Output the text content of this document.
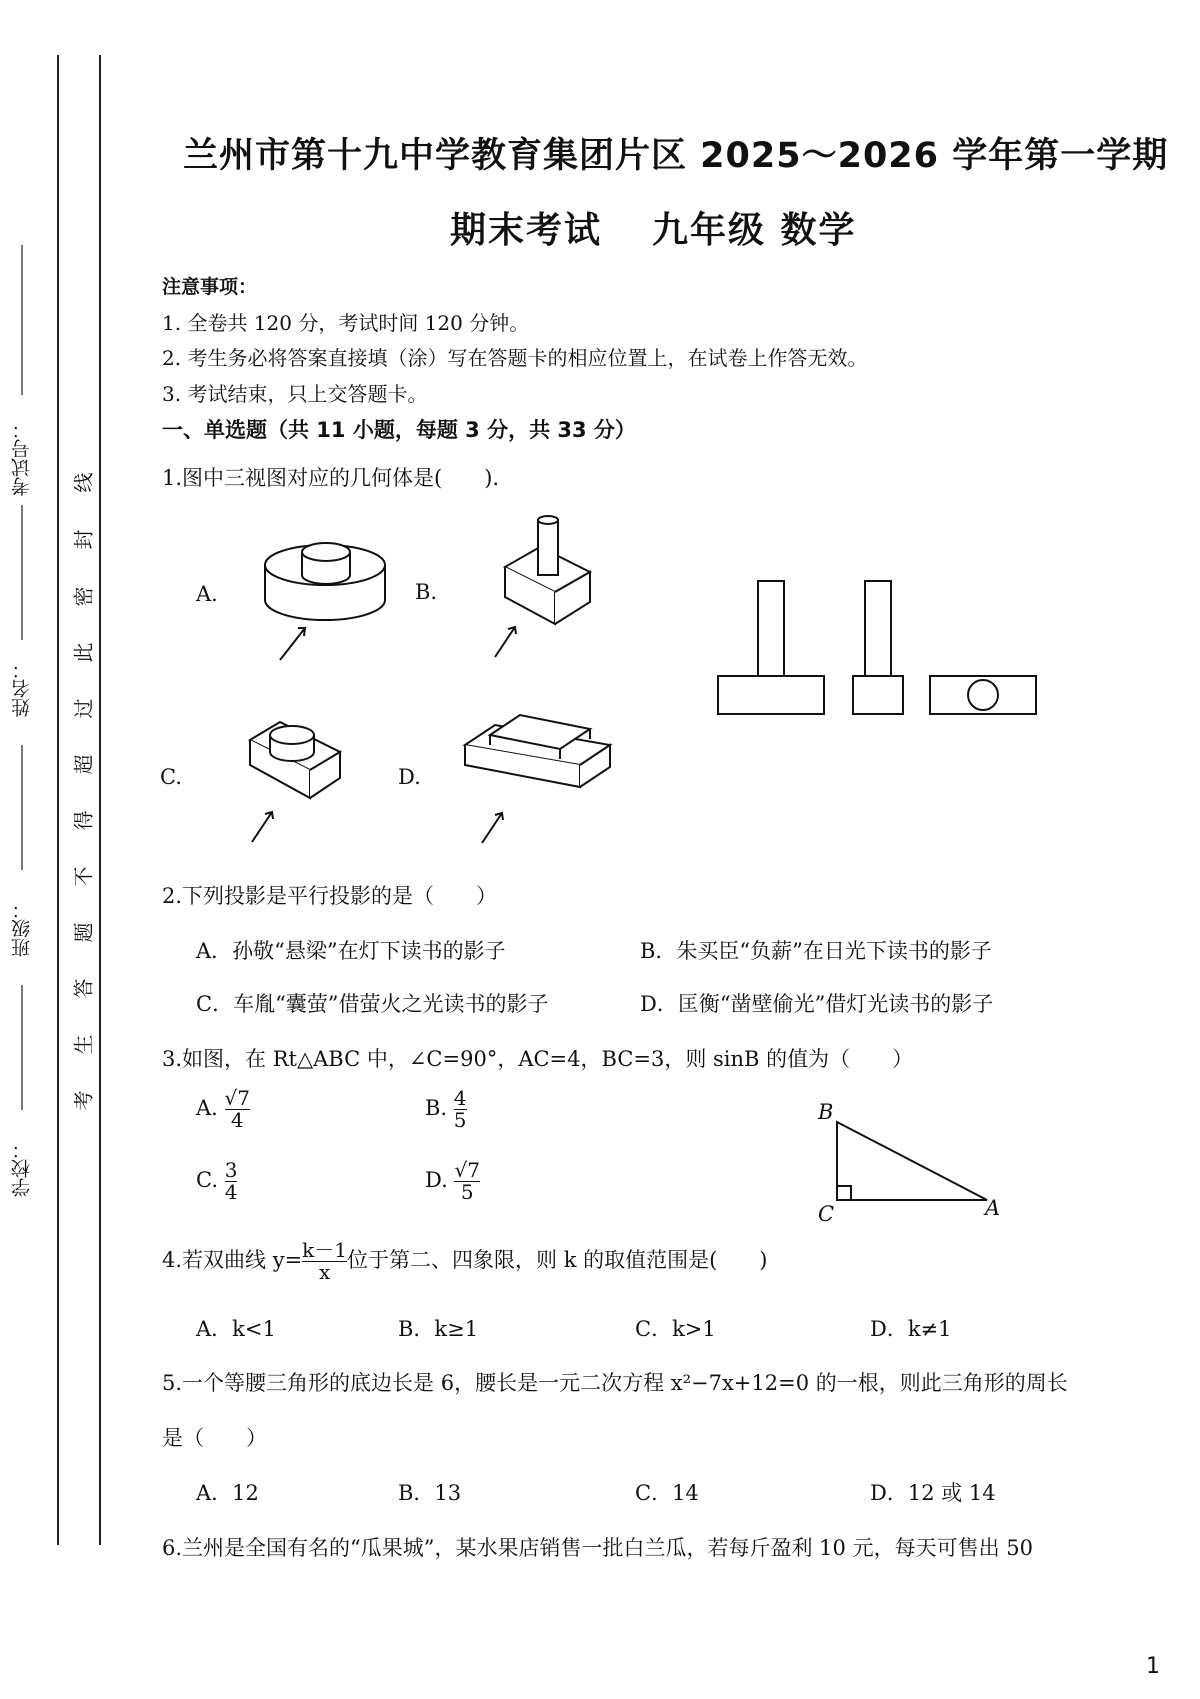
考试号：
姓名：
班级：
学校：
线
封
密
此
过
超
得
不
题
答
生
考
兰州市第十九中学教育集团片区 2025～2026 学年第一学期
期末考试 九年级 数学
注意事项：
1. 全卷共 120 分，考试时间 120 分钟。
2. 考生务必将答案直接填（涂）写在答题卡的相应位置上，在试卷上作答无效。
3. 考试结束，只上交答题卡。
一、单选题（共 11 小题，每题 3 分，共 33 分）
1.图中三视图对应的几何体是(　　).
A.	B.
C.	D.
2.下列投影是平行投影的是（　　）
A．孙敬“悬梁”在灯下读书的影子	B．朱买臣“负薪”在日光下读书的影子
C．车胤“囊萤”借萤火之光读书的影子	D．匡衡“凿壁偷光”借灯光读书的影子
3.如图，在 Rt△ABC 中，∠C=90°，AC=4，BC=3，则 sinB 的值为（　　）
A. $\frac{√7}{4}$	B. $\frac{4}{5}$
C. $\frac{3}{4}$	D. $\frac{√7}{5}$
B
C	A
4.若双曲线 $y= \frac{k-1}{x}$ 位于第二、四象限，则 k 的取值范围是(　　)
A．k<1	B．k≥1	C．k>1	D．k≠1
5.一个等腰三角形的底边长是 6，腰长是一元二次方程 x²−7x+12=0 的一根，则此三角形的周长
是（　　）
A．12	B．13	C．14	D．12 或 14
6.兰州是全国有名的“瓜果城”，某水果店销售一批白兰瓜，若每斤盈利 10 元，每天可售出 50
1
